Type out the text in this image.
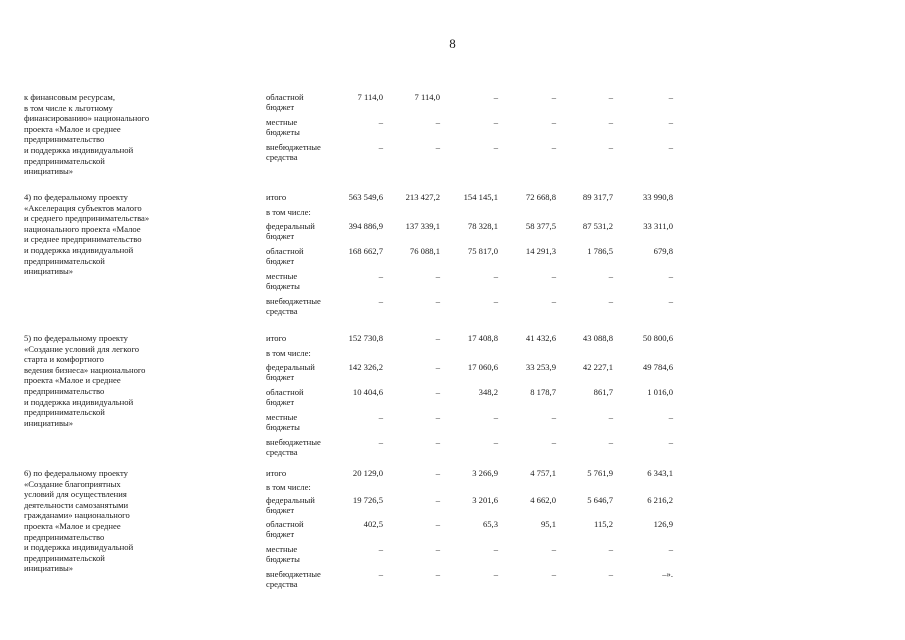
8
к финансовым ресурсам,
в том числе к льготному
финансированию» национального
проекта «Малое и среднее
предпринимательство
и поддержка индивидуальной
предпринимательской
инициативы»
областной
бюджет
7 114,0	7 114,0	–	–	–	–
местные
бюджеты
–	–	–	–	–	–
внебюджетные
средства
–	–	–	–	–	–
4) по федеральному проекту
«Акселерация субъектов малого
и среднего предпринимательства»
национального проекта «Малое
и среднее предпринимательство
и поддержка индивидуальной
предпринимательской
инициативы»
итого	563 549,6	213 427,2	154 145,1	72 668,8	89 317,7	33 990,8
в том числе:
федеральный
бюджет
394 886,9	137 339,1	78 328,1	58 377,5	87 531,2	33 311,0
областной
бюджет
168 662,7	76 088,1	75 817,0	14 291,3	1 786,5	679,8
местные
бюджеты
–	–	–	–	–	–
внебюджетные
средства
–	–	–	–	–	–
5) по федеральному проекту
«Создание условий для легкого
старта и комфортного
ведения бизнеса» национального
проекта «Малое и среднее
предпринимательство
и поддержка индивидуальной
предпринимательской
инициативы»
итого	152 730,8	–	17 408,8	41 432,6	43 088,8	50 800,6
в том числе:
федеральный
бюджет
142 326,2	–	17 060,6	33 253,9	42 227,1	49 784,6
областной
бюджет
10 404,6	–	348,2	8 178,7	861,7	1 016,0
местные
бюджеты
–	–	–	–	–	–
внебюджетные
средства
–	–	–	–	–	–
6) по федеральному проекту
«Создание благоприятных
условий для осуществления
деятельности самозанятыми
гражданами» национального
проекта «Малое и среднее
предпринимательство
и поддержка индивидуальной
предпринимательской
инициативы»
итого	20 129,0	–	3 266,9	4 757,1	5 761,9	6 343,1
в том числе:
федеральный
бюджет
19 726,5	–	3 201,6	4 662,0	5 646,7	6 216,2
областной
бюджет
402,5	–	65,3	95,1	115,2	126,9
местные
бюджеты
–	–	–	–	–	–
внебюджетные
средства
–	–	–	–	–	–».
